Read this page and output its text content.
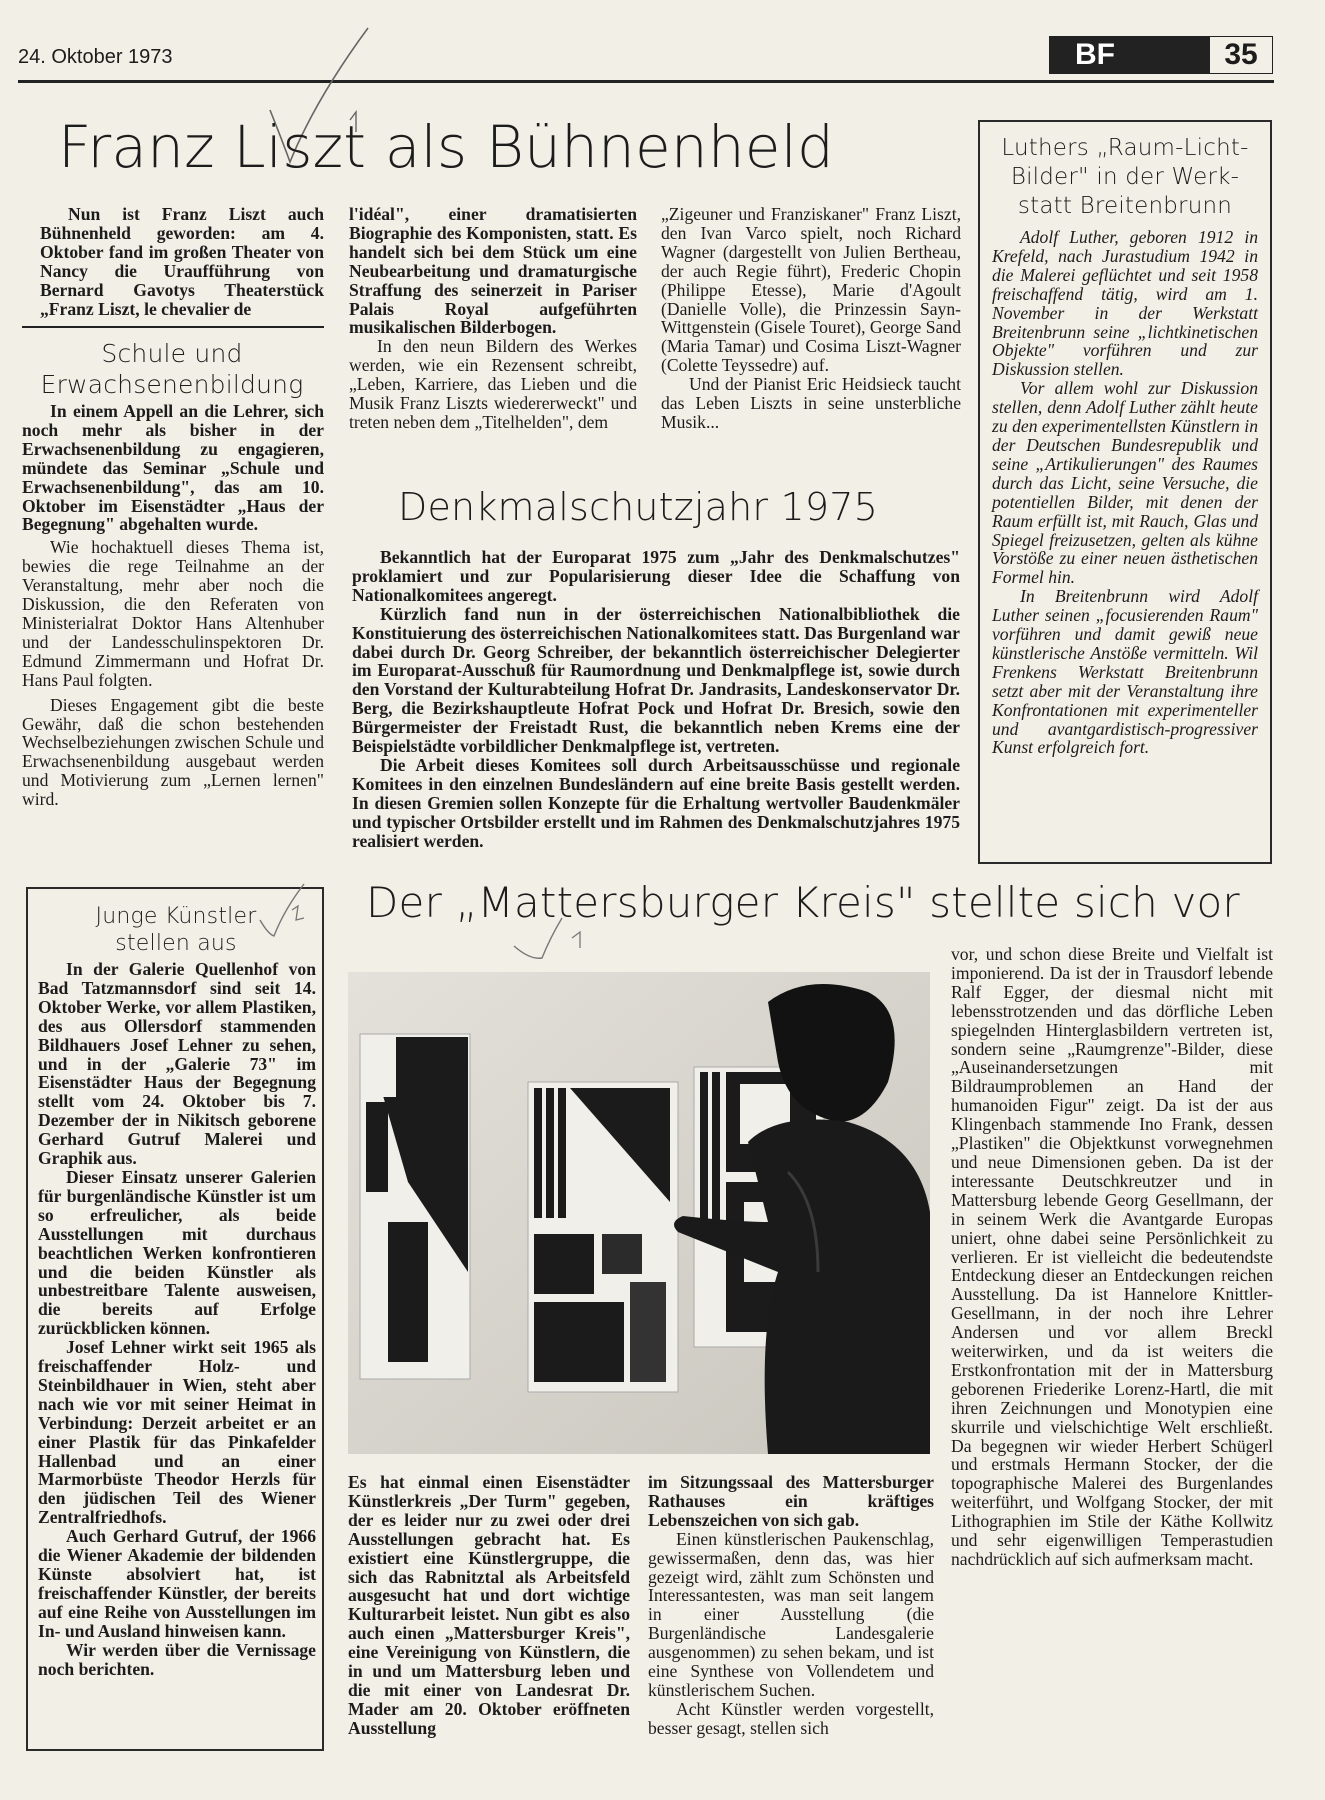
24. Oktober 1973	BF	35
Franz Liszt als Bühnenheld

Nun ist Franz Liszt auch Bühnenheld geworden: am 4. Oktober fand im großen Theater von Nancy die Uraufführung von Bernard Gavotys Theaterstück „Franz Liszt, le chevalier de

l'idéal", einer dramatisierten Biographie des Komponisten, statt. Es handelt sich bei dem Stück um eine Neubearbeitung und dramaturgische Straffung des seinerzeit in Pariser Palais Royal aufgeführten musikalischen Bilderbogen.

In den neun Bildern des Werkes werden, wie ein Rezensent schreibt, „Leben, Karriere, das Lieben und die Musik Franz Liszts wiedererweckt" und treten neben dem „Titelhelden", dem

„Zigeuner und Franziskaner" Franz Liszt, den Ivan Varco spielt, noch Richard Wagner (dargestellt von Julien Bertheau, der auch Regie führt), Frederic Chopin (Philippe Etesse), Marie d'Agoult (Danielle Volle), die Prinzessin Sayn-Wittgenstein (Gisele Touret), George Sand (Maria Tamar) und Cosima Liszt-Wagner (Colette Teyssedre) auf.

Und der Pianist Eric Heidsieck taucht das Leben Liszts in seine unsterbliche Musik...

Schule und
Erwachsenenbildung

In einem Appell an die Lehrer, sich noch mehr als bisher in der Erwachsenenbildung zu engagieren, mündete das Seminar „Schule und Erwachsenenbildung", das am 10. Oktober im Eisenstädter „Haus der Begegnung" abgehalten wurde.

Wie hochaktuell dieses Thema ist, bewies die rege Teilnahme an der Veranstaltung, mehr aber noch die Diskussion, die den Referaten von Ministerialrat Doktor Hans Altenhuber und der Landesschulinspektoren Dr. Edmund Zimmermann und Hofrat Dr. Hans Paul folgten.

Dieses Engagement gibt die beste Gewähr, daß die schon bestehenden Wechselbeziehungen zwischen Schule und Erwachsenenbildung ausgebaut werden und Motivierung zum „Lernen lernen" wird.

Denkmalschutzjahr 1975

Bekanntlich hat der Europarat 1975 zum „Jahr des Denkmalschutzes" proklamiert und zur Popularisierung dieser Idee die Schaffung von Nationalkomitees angeregt.

Kürzlich fand nun in der österreichischen Nationalbibliothek die Konstituierung des österreichischen Nationalkomitees statt. Das Burgenland war dabei durch Dr. Georg Schreiber, der bekanntlich österreichischer Delegierter im Europarat-Ausschuß für Raumordnung und Denkmalpflege ist, sowie durch den Vorstand der Kulturabteilung Hofrat Dr. Jandrasits, Landeskonservator Dr. Berg, die Bezirkshauptleute Hofrat Pock und Hofrat Dr. Bresich, sowie den Bürgermeister der Freistadt Rust, die bekanntlich neben Krems eine der Beispielstädte vorbildlicher Denkmalpflege ist, vertreten.

Die Arbeit dieses Komitees soll durch Arbeitsausschüsse und regionale Komitees in den einzelnen Bundesländern auf eine breite Basis gestellt werden. In diesen Gremien sollen Konzepte für die Erhaltung wertvoller Baudenkmäler und typischer Ortsbilder erstellt und im Rahmen des Denkmalschutzjahres 1975 realisiert werden.

Luthers „Raum-Licht-
Bilder" in der Werk-
statt Breitenbrunn

Adolf Luther, geboren 1912 in Krefeld, nach Jurastudium 1942 in die Malerei geflüchtet und seit 1958 freischaffend tätig, wird am 1. November in der Werkstatt Breitenbrunn seine „lichtkinetischen Objekte" vorführen und zur Diskussion stellen.

Vor allem wohl zur Diskussion stellen, denn Adolf Luther zählt heute zu den experimentellsten Künstlern in der Deutschen Bundesrepublik und seine „Artikulierungen" des Raumes durch das Licht, seine Versuche, die potentiellen Bilder, mit denen der Raum erfüllt ist, mit Rauch, Glas und Spiegel freizusetzen, gelten als kühne Vorstöße zu einer neuen ästhetischen Formel hin.

In Breitenbrunn wird Adolf Luther seinen „focusierenden Raum" vorführen und damit gewiß neue künstlerische Anstöße vermitteln. Wil Frenkens Werkstatt Breitenbrunn setzt aber mit der Veranstaltung ihre Konfrontationen mit experimenteller und avantgardistisch-progressiver Kunst erfolgreich fort.

Junge Künstler
stellen aus

In der Galerie Quellenhof von Bad Tatzmannsdorf sind seit 14. Oktober Werke, vor allem Plastiken, des aus Ollersdorf stammenden Bildhauers Josef Lehner zu sehen, und in der „Galerie 73" im Eisenstädter Haus der Begegnung stellt vom 24. Oktober bis 7. Dezember der in Nikitsch geborene Gerhard Gutruf Malerei und Graphik aus.

Dieser Einsatz unserer Galerien für burgenländische Künstler ist um so erfreulicher, als beide Ausstellungen mit durchaus beachtlichen Werken konfrontieren und die beiden Künstler als unbestreitbare Talente ausweisen, die bereits auf Erfolge zurückblicken können.

Josef Lehner wirkt seit 1965 als freischaffender Holz- und Steinbildhauer in Wien, steht aber nach wie vor mit seiner Heimat in Verbindung: Derzeit arbeitet er an einer Plastik für das Pinkafelder Hallenbad und an einer Marmorbüste Theodor Herzls für den jüdischen Teil des Wiener Zentralfriedhofs.

Auch Gerhard Gutruf, der 1966 die Wiener Akademie der bildenden Künste absolviert hat, ist freischaffender Künstler, der bereits auf eine Reihe von Ausstellungen im In- und Ausland hinweisen kann.

Wir werden über die Vernissage noch berichten.

Der „Mattersburger Kreis" stellte sich vor

Es hat einmal einen Eisenstädter Künstlerkreis „Der Turm" gegeben, der es leider nur zu zwei oder drei Ausstellungen gebracht hat. Es existiert eine Künstlergruppe, die sich das Rabnitztal als Arbeitsfeld ausgesucht hat und dort wichtige Kulturarbeit leistet. Nun gibt es also auch einen „Mattersburger Kreis", eine Vereinigung von Künstlern, die in und um Mattersburg leben und die mit einer von Landesrat Dr. Mader am 20. Oktober eröffneten Ausstellung

im Sitzungssaal des Mattersburger Rathauses ein kräftiges Lebenszeichen von sich gab.

Einen künstlerischen Paukenschlag, gewissermaßen, denn das, was hier gezeigt wird, zählt zum Schönsten und Interessantesten, was man seit langem in einer Ausstellung (die Burgenländische Landesgalerie ausgenommen) zu sehen bekam, und ist eine Synthese von Vollendetem und künstlerischem Suchen.

Acht Künstler werden vorgestellt, besser gesagt, stellen sich

vor, und schon diese Breite und Vielfalt ist imponierend. Da ist der in Trausdorf lebende Ralf Egger, der diesmal nicht mit lebensstrotzenden und das dörfliche Leben spiegelnden Hinterglasbildern vertreten ist, sondern seine „Raumgrenze"-Bilder, diese „Auseinandersetzungen mit Bildraumproblemen an Hand der humanoiden Figur" zeigt. Da ist der aus Klingenbach stammende Ino Frank, dessen „Plastiken" die Objektkunst vorwegnehmen und neue Dimensionen geben. Da ist der interessante Deutschkreutzer und in Mattersburg lebende Georg Gesellmann, der in seinem Werk die Avantgarde Europas uniert, ohne dabei seine Persönlichkeit zu verlieren. Er ist vielleicht die bedeutendste Entdeckung dieser an Entdeckungen reichen Ausstellung. Da ist Hannelore Knittler-Gesellmann, in der noch ihre Lehrer Andersen und vor allem Breckl weiterwirken, und da ist weiters die Erstkonfrontation mit der in Mattersburg geborenen Friederike Lorenz-Hartl, die mit ihren Zeichnungen und Monotypien eine skurrile und vielschichtige Welt erschließt. Da begegnen wir wieder Herbert Schügerl und erstmals Hermann Stocker, der die topographische Malerei des Burgenlandes weiterführt, und Wolfgang Stocker, der mit Lithographien im Stile der Käthe Kollwitz und sehr eigenwilligen Temperastudien nachdrücklich auf sich aufmerksam macht.
